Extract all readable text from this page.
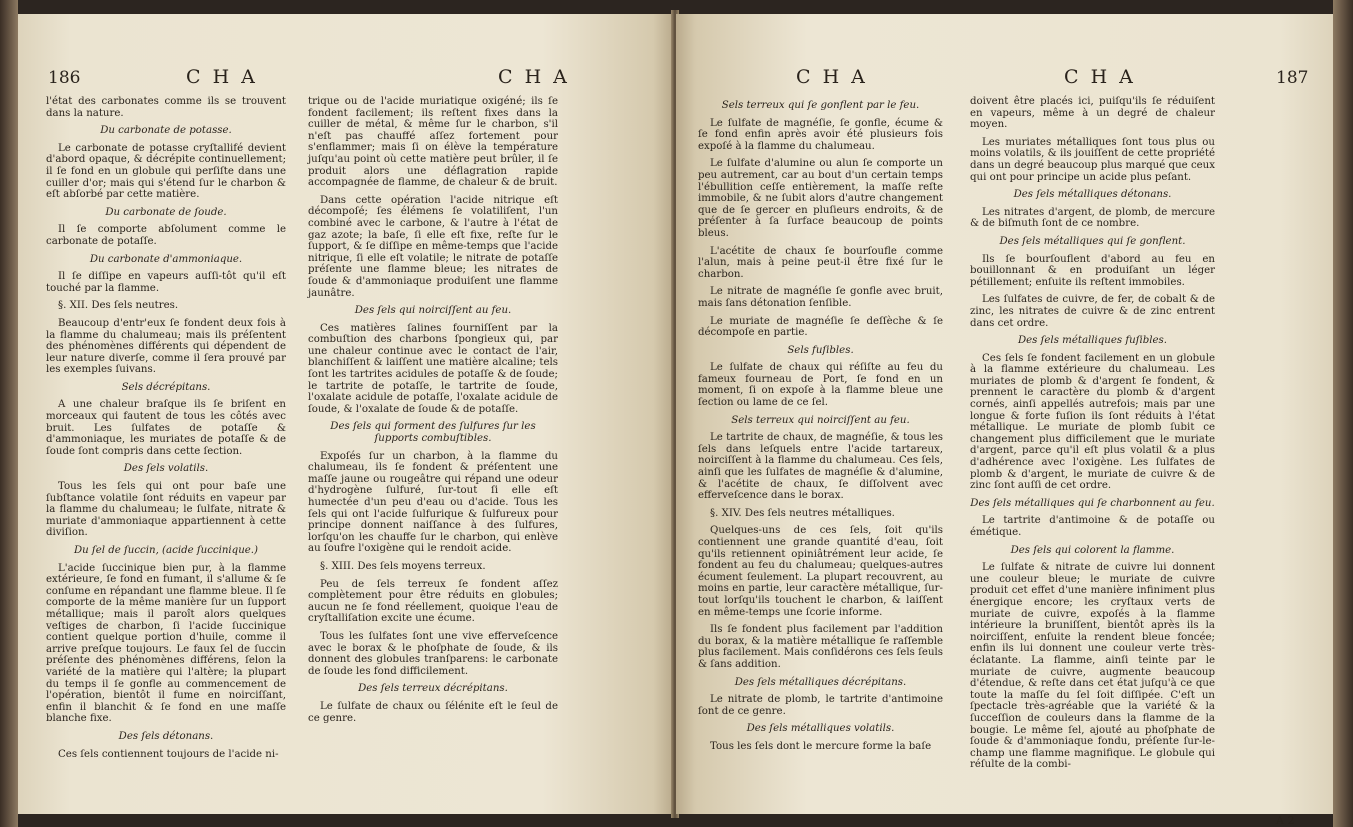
186	C H A	C H A

l'état des carbonates comme ils se trouvent dans la nature.

Du carbonate de potasse.

Le carbonate de potasse cryſtallifé devient d'abord opaque, & décrépite continuellement; il ſe fond en un globule qui perſiſte dans une cuiller d'or; mais qui s'étend ſur le charbon & eſt abſorbé par cette matière.

Du carbonate de ſoude.

Il ſe comporte abſolument comme le carbonate de potaſſe.

Du carbonate d'ammoniaque.

Il ſe diſſipe en vapeurs auſſi-tôt qu'il eſt touché par la flamme.

§. XII. Des ſels neutres.

Beaucoup d'entr'eux ſe fondent deux fois à la flamme du chalumeau; mais ils préſentent des phénomènes différents qui dépendent de leur nature diverſe, comme il ſera prouvé par les exemples ſuivans.

Sels décrépitans.

A une chaleur braſque ils ſe briſent en morceaux qui fautent de tous les côtés avec bruit. Les ſulfates de potaſſe & d'ammoniaque, les muriates de potaſſe & de ſoude ſont compris dans cette ſection.

Des ſels volatils.

Tous les ſels qui ont pour baſe une ſubſtance volatile ſont réduits en vapeur par la flamme du chalumeau; le ſulfate, nitrate & muriate d'ammoniaque appartiennent à cette diviſion.

Du ſel de ſuccin, (acide ſuccinique.)

L'acide ſuccinique bien pur, à la flamme extérieure, ſe fond en fumant, il s'allume & ſe conſume en répandant une flamme bleue. Il ſe comporte de la même manière ſur un ſupport métallique; mais il paroît alors quelques veſtiges de charbon, ſi l'acide ſuccinique contient quelque portion d'huile, comme il arrive preſque toujours. Le faux ſel de ſuccin préſente des phénomènes différens, ſelon la variété de la matière qui l'altère; la plupart du temps il ſe gonfle au commencement de l'opération, bientôt il fume en noirciſſant, enfin il blanchit & ſe fond en une maſſe blanche fixe.

Des ſels détonans.

Ces ſels contiennent toujours de l'acide ni-

trique ou de l'acide muriatique oxigéné; ils ſe fondent facilement; ils reſtent fixes dans la cuiller de métal, & même ſur le charbon, s'il n'eſt pas chauffé aſſez fortement pour s'enflammer; mais ſi on élève la température juſqu'au point où cette matière peut brûler, il ſe produit alors une déflagration rapide accompagnée de flamme, de chaleur & de bruit.

Dans cette opération l'acide nitrique eſt décompoſé; ſes élémens ſe volatiliſent, l'un combiné avec le carbone, & l'autre à l'état de gaz azote; la baſe, ſi elle eſt fixe, reſte ſur le ſupport, & ſe diſſipe en même-temps que l'acide nitrique, ſi elle eſt volatile; le nitrate de potaſſe préſente une flamme bleue; les nitrates de ſoude & d'ammoniaque produiſent une flamme jaunâtre.

Des ſels qui noirciſſent au feu.

Ces matières ſalines fourniſſent par la combuſtion des charbons ſpongieux qui, par une chaleur continue avec le contact de l'air, blanchiſſent & laiſſent une matière alcaline; tels ſont les tartrites acidules de potaſſe & de ſoude; le tartrite de potaſſe, le tartrite de ſoude, l'oxalate acidule de potaſſe, l'oxalate acidule de ſoude, & l'oxalate de ſoude & de potaſſe.

Des ſels qui forment des ſulfures ſur les ſupports combuſtibles.

Expoſés ſur un charbon, à la flamme du chalumeau, ils ſe fondent & préſentent une maſſe jaune ou rougeâtre qui répand une odeur d'hydrogène ſulfuré, ſur-tout ſi elle eſt humectée d'un peu d'eau ou d'acide. Tous les ſels qui ont l'acide ſulfurique & ſulfureux pour principe donnent naiſſance à des ſulfures, lorſqu'on les chauffe ſur le charbon, qui enlève au ſoufre l'oxigène qui le rendoit acide.

§. XIII. Des ſels moyens terreux.

Peu de ſels terreux ſe fondent aſſez complètement pour être réduits en globules; aucun ne ſe fond réellement, quoique l'eau de cryſtalliſation excite une écume.

Tous les ſulfates ſont une vive efferveſcence avec le borax & le phoſphate de ſoude, & ils donnent des globules tranſparens: le carbonate de ſoude les fond difficilement.

Des ſels terreux décrépitans.

Le ſulfate de chaux ou ſélénite eſt le ſeul de ce genre.

C H A	C H A	187

Sels terreux qui ſe gonflent par le feu.

Le ſulfate de magnéſie, ſe gonfle, écume & ſe fond enfin après avoir été plusieurs fois expoſé à la flamme du chalumeau.

Le ſulfate d'alumine ou alun ſe comporte un peu autrement, car au bout d'un certain temps l'ébullition ceſſe entièrement, la maſſe reſte immobile, & ne ſubit alors d'autre changement que de ſe gercer en pluſieurs endroits, & de préſenter à ſa ſurface beaucoup de points bleus.

L'acétite de chaux ſe bourſoufle comme l'alun, mais à peine peut-il être fixé ſur le charbon.

Le nitrate de magnéſie ſe gonfle avec bruit, mais ſans détonation ſenſible.

Le muriate de magnéſie ſe deſſèche & ſe décompoſe en partie.

Sels fuſibles.

Le ſulfate de chaux qui réſiſte au feu du fameux fourneau de Port, ſe fond en un moment, ſi on expoſe à la flamme bleue une ſection ou lame de ce ſel.

Sels terreux qui noirciſſent au feu.

Le tartrite de chaux, de magnéſie, & tous les ſels dans leſquels entre l'acide tartareux, noirciſſent à la flamme du chalumeau. Ces ſels, ainſi que les ſulfates de magnéſie & d'alumine, & l'acétite de chaux, ſe diſſolvent avec efferveſcence dans le borax.

§. XIV. Des ſels neutres métalliques.

Quelques-uns de ces ſels, ſoit qu'ils contiennent une grande quantité d'eau, ſoit qu'ils retiennent opiniâtrément leur acide, ſe fondent au feu du chalumeau; quelques-autres écument ſeulement. La plupart recouvrent, au moins en partie, leur caractère métallique, ſur-tout lorſqu'ils touchent le charbon, & laiſſent en même-temps une ſcorie informe.

Ils ſe fondent plus facilement par l'addition du borax, & la matière métallique ſe raſſemble plus facilement. Mais conſidérons ces ſels ſeuls & ſans addition.

Des ſels métalliques décrépitans.

Le nitrate de plomb, le tartrite d'antimoine ſont de ce genre.

Des ſels métalliques volatils.

Tous les ſels dont le mercure forme la baſe

doivent être placés ici, puiſqu'ils ſe réduiſent en vapeurs, même à un degré de chaleur moyen.

Les muriates métalliques ſont tous plus ou moins volatils, & ils jouiſſent de cette propriété dans un degré beaucoup plus marqué que ceux qui ont pour principe un acide plus peſant.

Des ſels métalliques détonans.

Les nitrates d'argent, de plomb, de mercure & de biſmuth ſont de ce nombre.

Des ſels métalliques qui ſe gonflent.

Ils ſe bourſouflent d'abord au feu en bouillonnant & en produiſant un léger pétillement; enſuite ils reſtent immobiles.

Les ſulfates de cuivre, de fer, de cobalt & de zinc, les nitrates de cuivre & de zinc entrent dans cet ordre.

Des ſels métalliques fuſibles.

Ces ſels ſe fondent facilement en un globule à la flamme extérieure du chalumeau. Les muriates de plomb & d'argent ſe fondent, & prennent le caractère du plomb & d'argent cornés, ainſi appellés autrefois; mais par une longue & forte fuſion ils ſont réduits à l'état métallique. Le muriate de plomb ſubit ce changement plus difficilement que le muriate d'argent, parce qu'il eſt plus volatil & a plus d'adhérence avec l'oxigène. Les ſulfates de plomb & d'argent, le muriate de cuivre & de zinc ſont auſſi de cet ordre.

Des ſels métalliques qui ſe charbonnent au feu.

Le tartrite d'antimoine & de potaſſe ou émétique.

Des ſels qui colorent la flamme.

Le ſulfate & nitrate de cuivre lui donnent une couleur bleue; le muriate de cuivre produit cet effet d'une manière infiniment plus énergique encore; les cryſtaux verts de muriate de cuivre, expoſés à la flamme intérieure la bruniſſent, bientôt après ils la noirciſſent, enſuite la rendent bleue foncée; enfin ils lui donnent une couleur verte très-éclatante. La flamme, ainſi teinte par le muriate de cuivre, augmente beaucoup d'étendue, & reſte dans cet état juſqu'à ce que toute la maſſe du ſel ſoit diſſipée. C'eſt un ſpectacle très-agréable que la variété & la ſucceſſion de couleurs dans la flamme de la bougie. Le même ſel, ajouté au phoſphate de ſoude & d'ammoniaque fondu, préſente ſur-le-champ une flamme magnifique. Le globule qui réſulte de la combi-

A 2
